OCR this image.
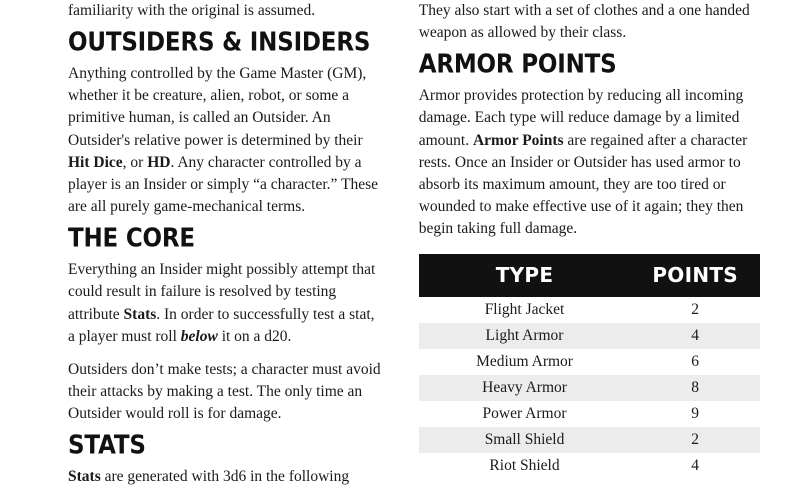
familiarity with the original is assumed.

OUTSIDERS & INSIDERS

Anything controlled by the Game Master (GM), whether it be creature, alien, robot, or some a primitive human, is called an Outsider. An Outsider's relative power is determined by their Hit Dice, or HD. Any character controlled by a player is an Insider or simply “a character.” These are all purely game-mechanical terms.

THE CORE

Everything an Insider might possibly attempt that could result in failure is resolved by testing attribute Stats. In order to successfully test a stat, a player must roll below it on a d20.

Outsiders don’t make tests; a character must avoid their attacks by making a test. The only time an Outsider would roll is for damage.

STATS

Stats are generated with 3d6 in the following

They also start with a set of clothes and a one handed weapon as allowed by their class.

ARMOR POINTS

Armor provides protection by reducing all incoming damage. Each type will reduce damage by a limited amount. Armor Points are regained after a character rests. Once an Insider or Outsider has used armor to absorb its maximum amount, they are too tired or wounded to make effective use of it again; they then begin taking full damage.

TYPE	POINTS
Flight Jacket	2
Light Armor	4
Medium Armor	6
Heavy Armor	8
Power Armor	9
Small Shield	2
Riot Shield	4
